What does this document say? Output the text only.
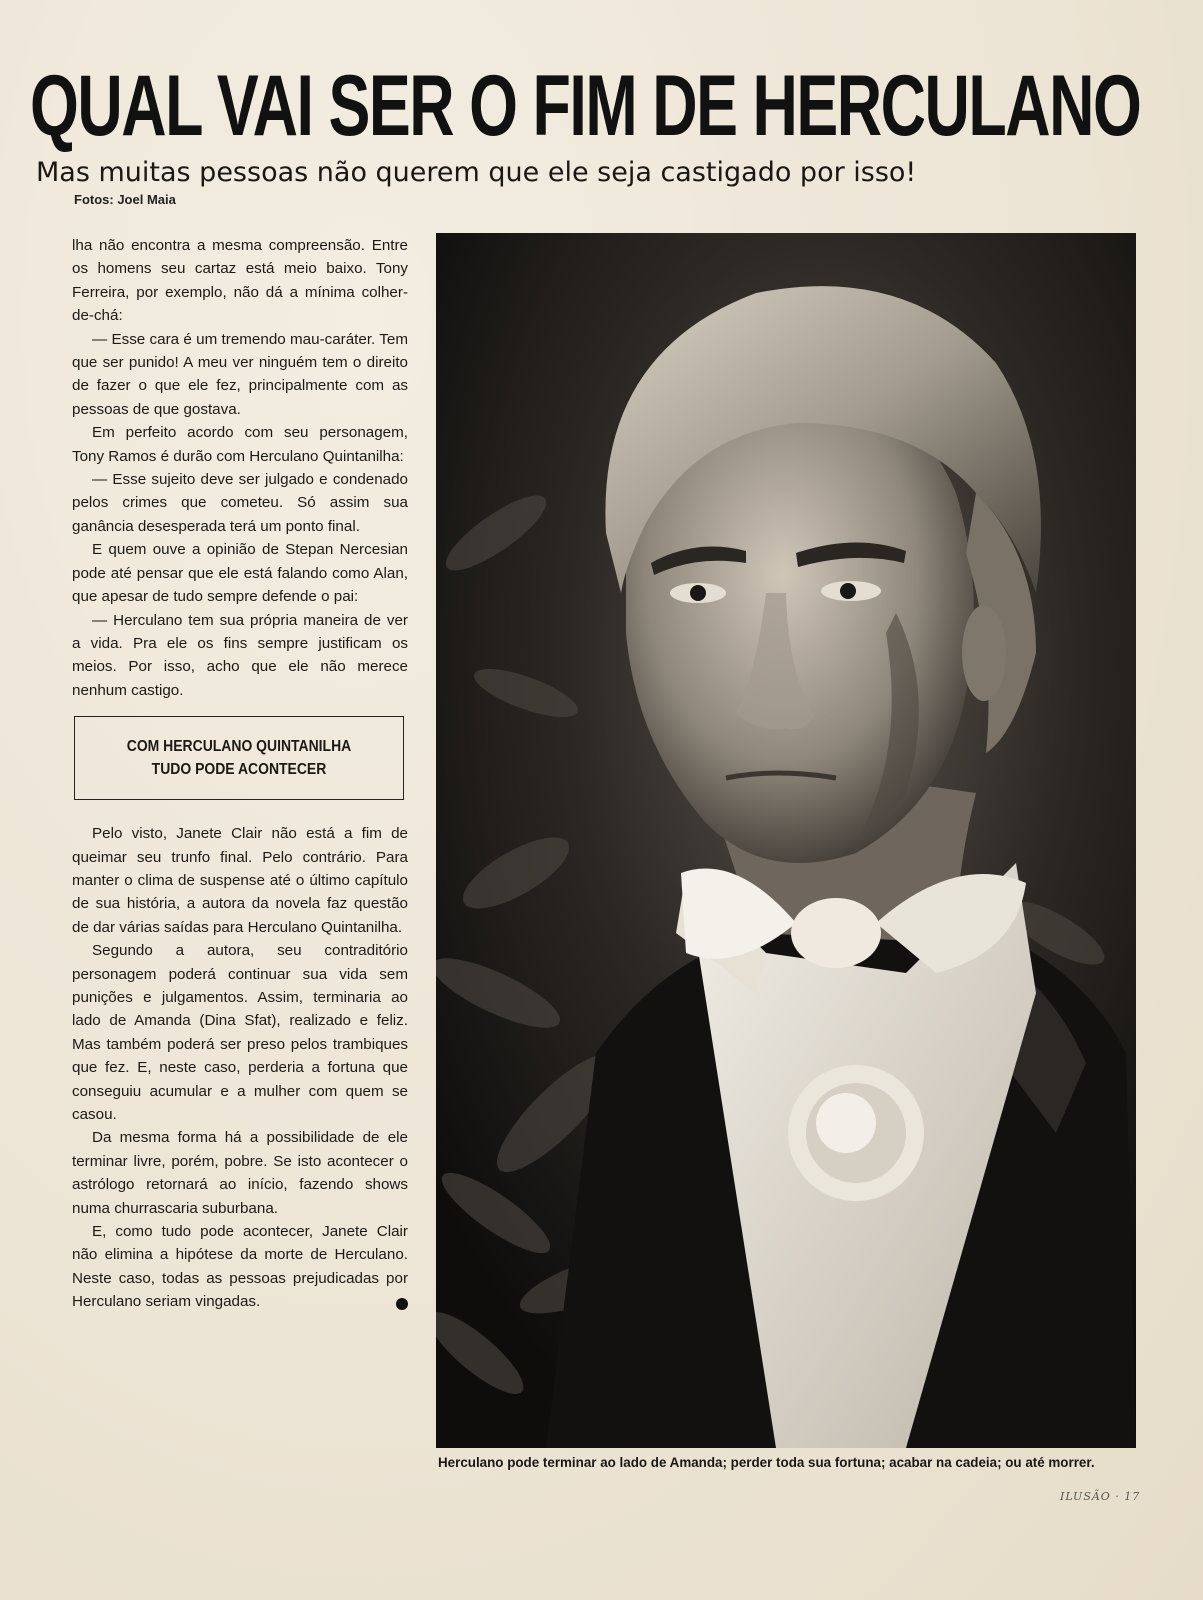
QUAL VAI SER O FIM DE HERCULANO
Mas muitas pessoas não querem que ele seja castigado por isso!
Fotos: Joel Maia

lha não encontra a mesma compreensão. Entre os homens seu cartaz está meio baixo. Tony Ferreira, por exemplo, não dá a mínima colher-de-chá:

— Esse cara é um tremendo mau-caráter. Tem que ser punido! A meu ver ninguém tem o direito de fazer o que ele fez, principalmente com as pessoas de que gostava.

Em perfeito acordo com seu personagem, Tony Ramos é durão com Herculano Quintanilha:

— Esse sujeito deve ser julgado e condenado pelos crimes que cometeu. Só assim sua ganância desesperada terá um ponto final.

E quem ouve a opinião de Stepan Nercesian pode até pensar que ele está falando como Alan, que apesar de tudo sempre defende o pai:

— Herculano tem sua própria maneira de ver a vida. Pra ele os fins sempre justificam os meios. Por isso, acho que ele não merece nenhum castigo.

COM HERCULANO QUINTANILHA TUDO PODE ACONTECER

Pelo visto, Janete Clair não está a fim de queimar seu trunfo final. Pelo contrário. Para manter o clima de suspense até o último capítulo de sua história, a autora da novela faz questão de dar várias saídas para Herculano Quintanilha.

Segundo a autora, seu contraditório personagem poderá continuar sua vida sem punições e julgamentos. Assim, terminaria ao lado de Amanda (Dina Sfat), realizado e feliz. Mas também poderá ser preso pelos trambiques que fez. E, neste caso, perderia a fortuna que conseguiu acumular e a mulher com quem se casou.

Da mesma forma há a possibilidade de ele terminar livre, porém, pobre. Se isto acontecer o astrólogo retornará ao início, fazendo shows numa churrascaria suburbana.

E, como tudo pode acontecer, Janete Clair não elimina a hipótese da morte de Herculano. Neste caso, todas as pessoas prejudicadas por Herculano seriam vingadas.

Herculano pode terminar ao lado de Amanda; perder toda sua fortuna; acabar na cadeia; ou até morrer.
ILUSÃO · 17
